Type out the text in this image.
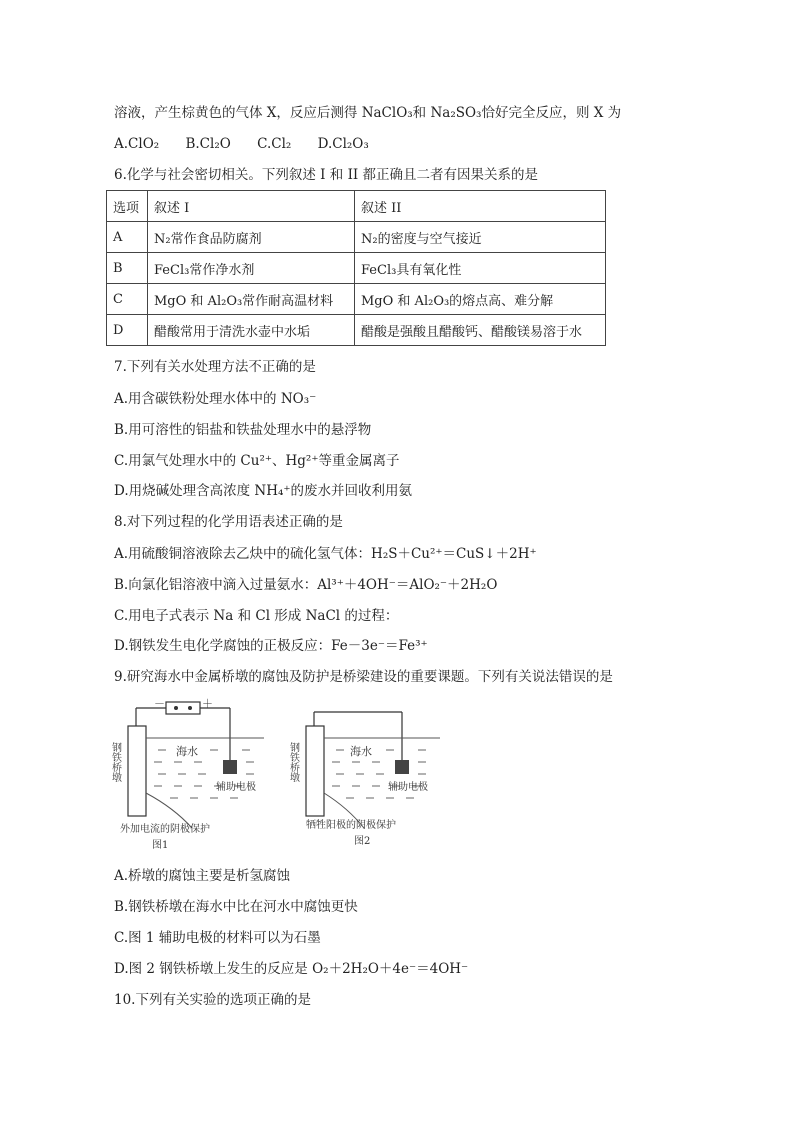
溶液，产生棕黄色的气体 X，反应后测得 NaClO₃和 Na₂SO₃恰好完全反应，则 X 为
A.ClO₂ B.Cl₂O C.Cl₂ D.Cl₂O₃
6.化学与社会密切相关。下列叙述 I 和 II 都正确且二者有因果关系的是
选项	叙述 I	叙述 II
A	N₂常作食品防腐剂	N₂的密度与空气接近
B	FeCl₃常作净水剂	FeCl₃具有氧化性
C	MgO 和 Al₂O₃常作耐高温材料	MgO 和 Al₂O₃的熔点高、难分解
D	醋酸常用于清洗水壶中水垢	醋酸是强酸且醋酸钙、醋酸镁易溶于水
7.下列有关水处理方法不正确的是
A.用含碳铁粉处理水体中的 NO₃⁻
B.用可溶性的铝盐和铁盐处理水中的悬浮物
C.用氯气处理水中的 Cu²⁺、Hg²⁺等重金属离子
D.用烧碱处理含高浓度 NH₄⁺的废水并回收利用氨
8.对下列过程的化学用语表述正确的是
A.用硫酸铜溶液除去乙炔中的硫化氢气体：H₂S＋Cu²⁺＝CuS↓＋2H⁺
B.向氯化铝溶液中滴入过量氨水：Al³⁺＋4OH⁻＝AlO₂⁻＋2H₂O
C.用电子式表示 Na 和 Cl 形成 NaCl 的过程：
D.钢铁发生电化学腐蚀的正极反应：Fe－3e⁻＝Fe³⁺
9.研究海水中金属桥墩的腐蚀及防护是桥梁建设的重要课题。下列有关说法错误的是
－	＋
钢铁桥墩	海水
辅助电极
外加电流的阴极保护
图1
钢铁桥墩	海水
辅助电极
牺牲阳极的阴极保护
图2
A.桥墩的腐蚀主要是析氢腐蚀
B.钢铁桥墩在海水中比在河水中腐蚀更快
C.图 1 辅助电极的材料可以为石墨
D.图 2 钢铁桥墩上发生的反应是 O₂＋2H₂O＋4e⁻＝4OH⁻
10.下列有关实验的选项正确的是
